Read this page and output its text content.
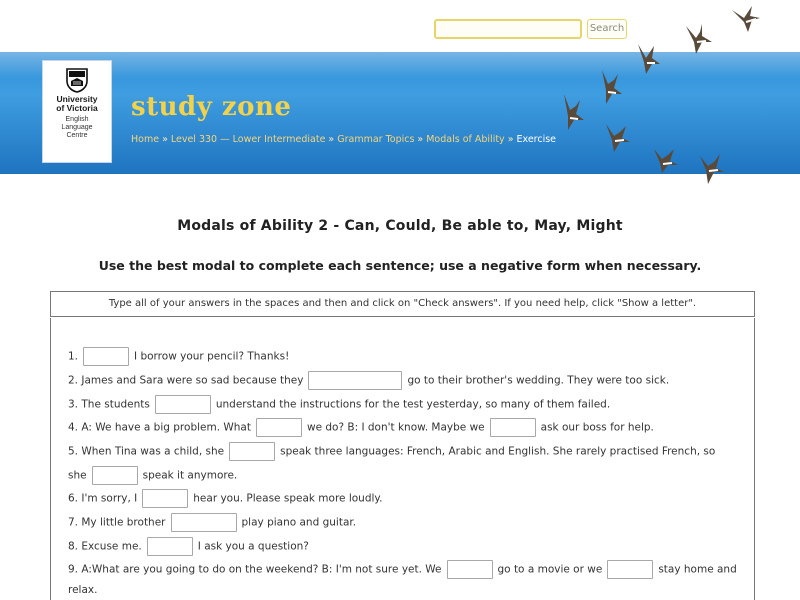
Search
University
of Victoria
English
Language
Centre
study zone
Home » Level 330 — Lower Intermediate » Grammar Topics » Modals of Ability » Exercise
Modals of Ability 2 - Can, Could, Be able to, May, Might
Use the best modal to complete each sentence; use a negative form when necessary.
Type all of your answers in the spaces and then and click on "Check answers". If you need help, click "Show a letter".
1.	I borrow your pencil? Thanks!
2. James and Sara were so sad because they	go to their brother's wedding. They were too sick.
3. The students	understand the instructions for the test yesterday, so many of them failed.
4. A: We have a big problem. What	we do? B: I don't know. Maybe we	ask our boss for help.
5. When Tina was a child, she	speak three languages: French, Arabic and English. She rarely practised French, so
she	speak it anymore.
6. I'm sorry, I	hear you. Please speak more loudly.
7. My little brother	play piano and guitar.
8. Excuse me.	I ask you a question?
9. A:What are you going to do on the weekend? B: I'm not sure yet. We	go to a movie or we	stay home and
relax.
